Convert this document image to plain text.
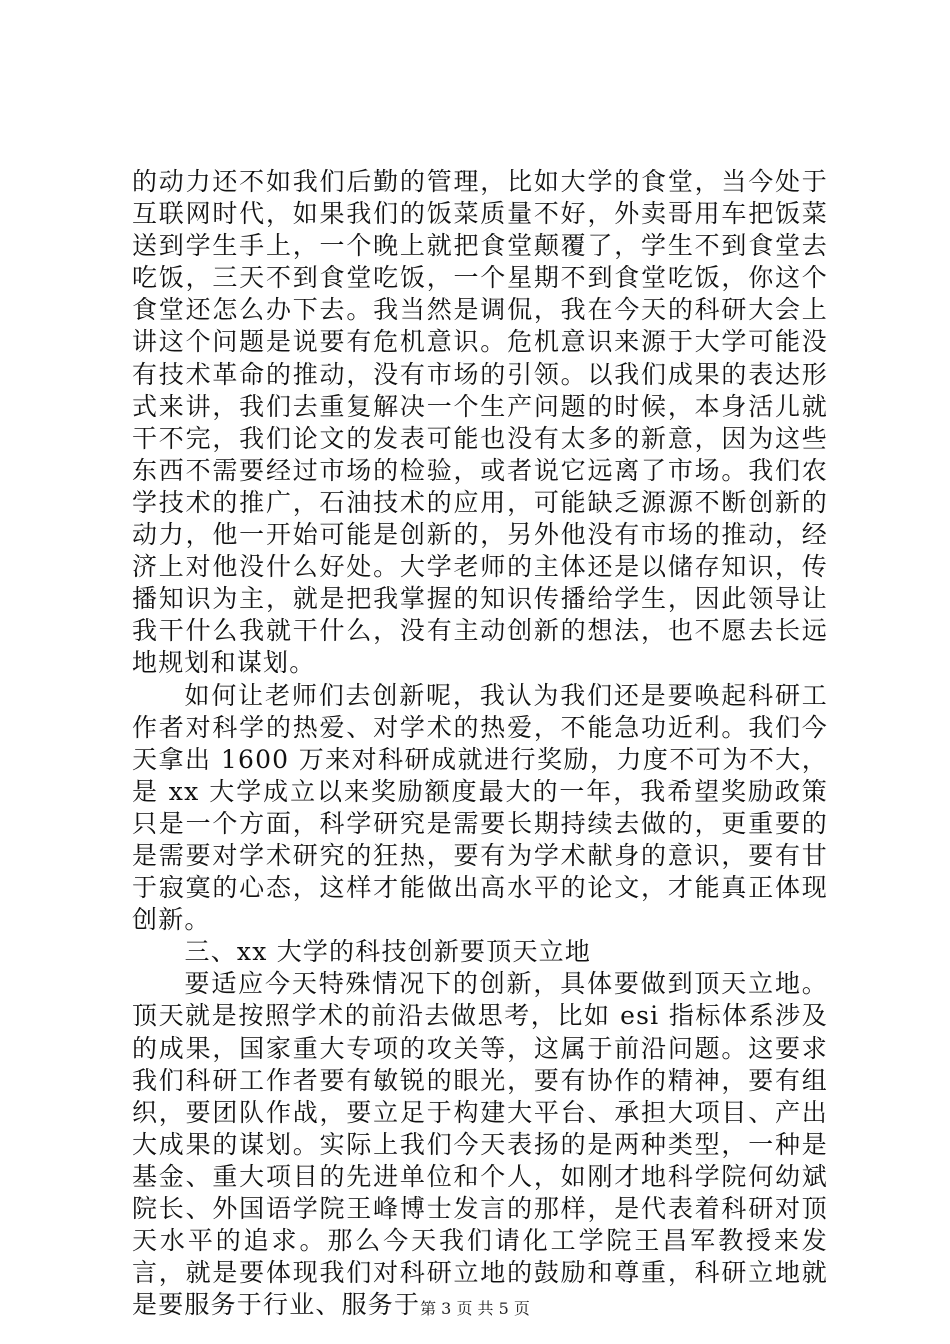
的动力还不如我们后勤的管理，比如大学的食堂，当今处于互联网时代，如果我们的饭菜质量不好，外卖哥用车把饭菜送到学生手上，一个晚上就把食堂颠覆了，学生不到食堂去吃饭，三天不到食堂吃饭，一个星期不到食堂吃饭，你这个食堂还怎么办下去。我当然是调侃，我在今天的科研大会上讲这个问题是说要有危机意识。危机意识来源于大学可能没有技术革命的推动，没有市场的引领。以我们成果的表达形式来讲，我们去重复解决一个生产问题的时候，本身活儿就干不完，我们论文的发表可能也没有太多的新意，因为这些东西不需要经过市场的检验，或者说它远离了市场。我们农学技术的推广，石油技术的应用，可能缺乏源源不断创新的动力，他一开始可能是创新的，另外他没有市场的推动，经济上对他没什么好处。大学老师的主体还是以储存知识，传播知识为主，就是把我掌握的知识传播给学生，因此领导让我干什么我就干什么，没有主动创新的想法，也不愿去长远地规划和谋划。

如何让老师们去创新呢，我认为我们还是要唤起科研工作者对科学的热爱、对学术的热爱，不能急功近利。我们今天拿出 1600 万来对科研成就进行奖励，力度不可为不大，是 xx 大学成立以来奖励额度最大的一年，我希望奖励政策只是一个方面，科学研究是需要长期持续去做的，更重要的是需要对学术研究的狂热，要有为学术献身的意识，要有甘于寂寞的心态，这样才能做出高水平的论文，才能真正体现创新。

三、xx 大学的科技创新要顶天立地

要适应今天特殊情况下的创新，具体要做到顶天立地。顶天就是按照学术的前沿去做思考，比如 esi 指标体系涉及的成果，国家重大专项的攻关等，这属于前沿问题。这要求我们科研工作者要有敏锐的眼光，要有协作的精神，要有组织，要团队作战，要立足于构建大平台、承担大项目、产出大成果的谋划。实际上我们今天表扬的是两种类型，一种是基金、重大项目的先进单位和个人，如刚才地科学院何幼斌院长、外国语学院王峰博士发言的那样，是代表着科研对顶天水平的追求。那么今天我们请化工学院王昌军教授来发言，就是要体现我们对科研立地的鼓励和尊重，科研立地就是要服务于行业、服务于 第 3 页 共 5 页
